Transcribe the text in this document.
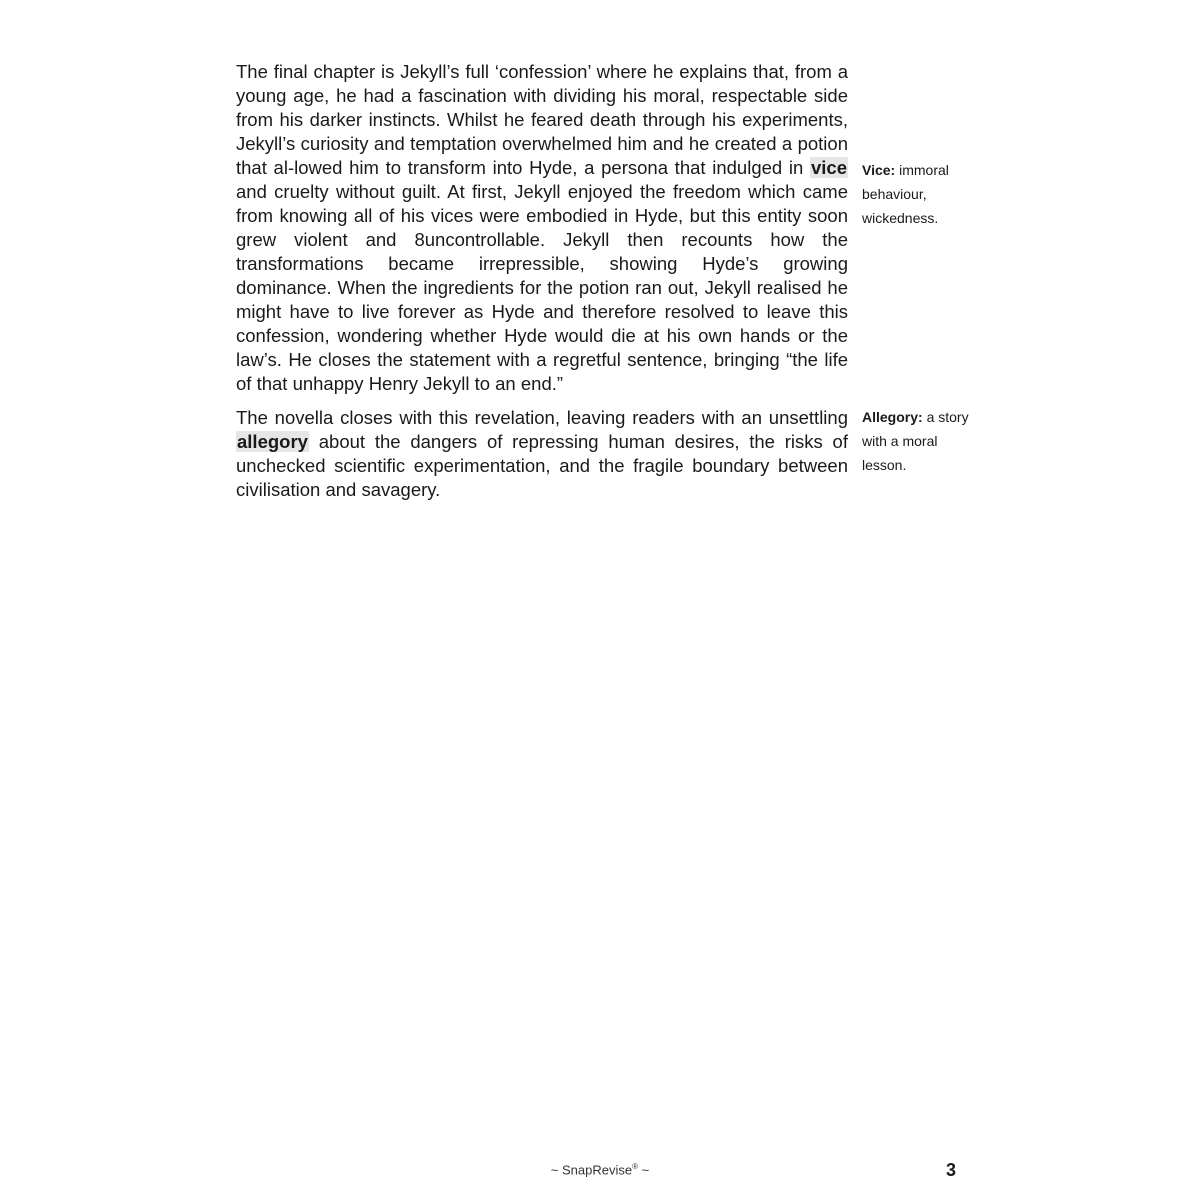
The final chapter is Jekyll’s full ‘confession’ where he explains that, from a young age, he had a fascination with dividing his moral, respectable side from his darker instincts. Whilst he feared death through his experiments, Jekyll’s curiosity and temptation overwhelmed him and he created a potion that al-lowed him to transform into Hyde, a persona that indulged in vice and cruelty without guilt. At first, Jekyll enjoyed the freedom which came from knowing all of his vices were embodied in Hyde, but this entity soon grew violent and 8uncontrollable. Jekyll then recounts how the transformations became irrepressible, showing Hyde’s growing dominance. When the ingredients for the potion ran out, Jekyll realised he might have to live forever as Hyde and therefore resolved to leave this confession, wondering whether Hyde would die at his own hands or the law’s. He closes the statement with a regretful sentence, bringing “the life of that unhappy Henry Jekyll to an end.”

The novella closes with this revelation, leaving readers with an unsettling allegory about the dangers of repressing human desires, the risks of unchecked scientific experimentation, and the fragile boundary between civilisation and savagery.

Vice: immoral behaviour, wickedness.
Allegory: a story with a moral lesson.
~ SnapRevise® ~	3
